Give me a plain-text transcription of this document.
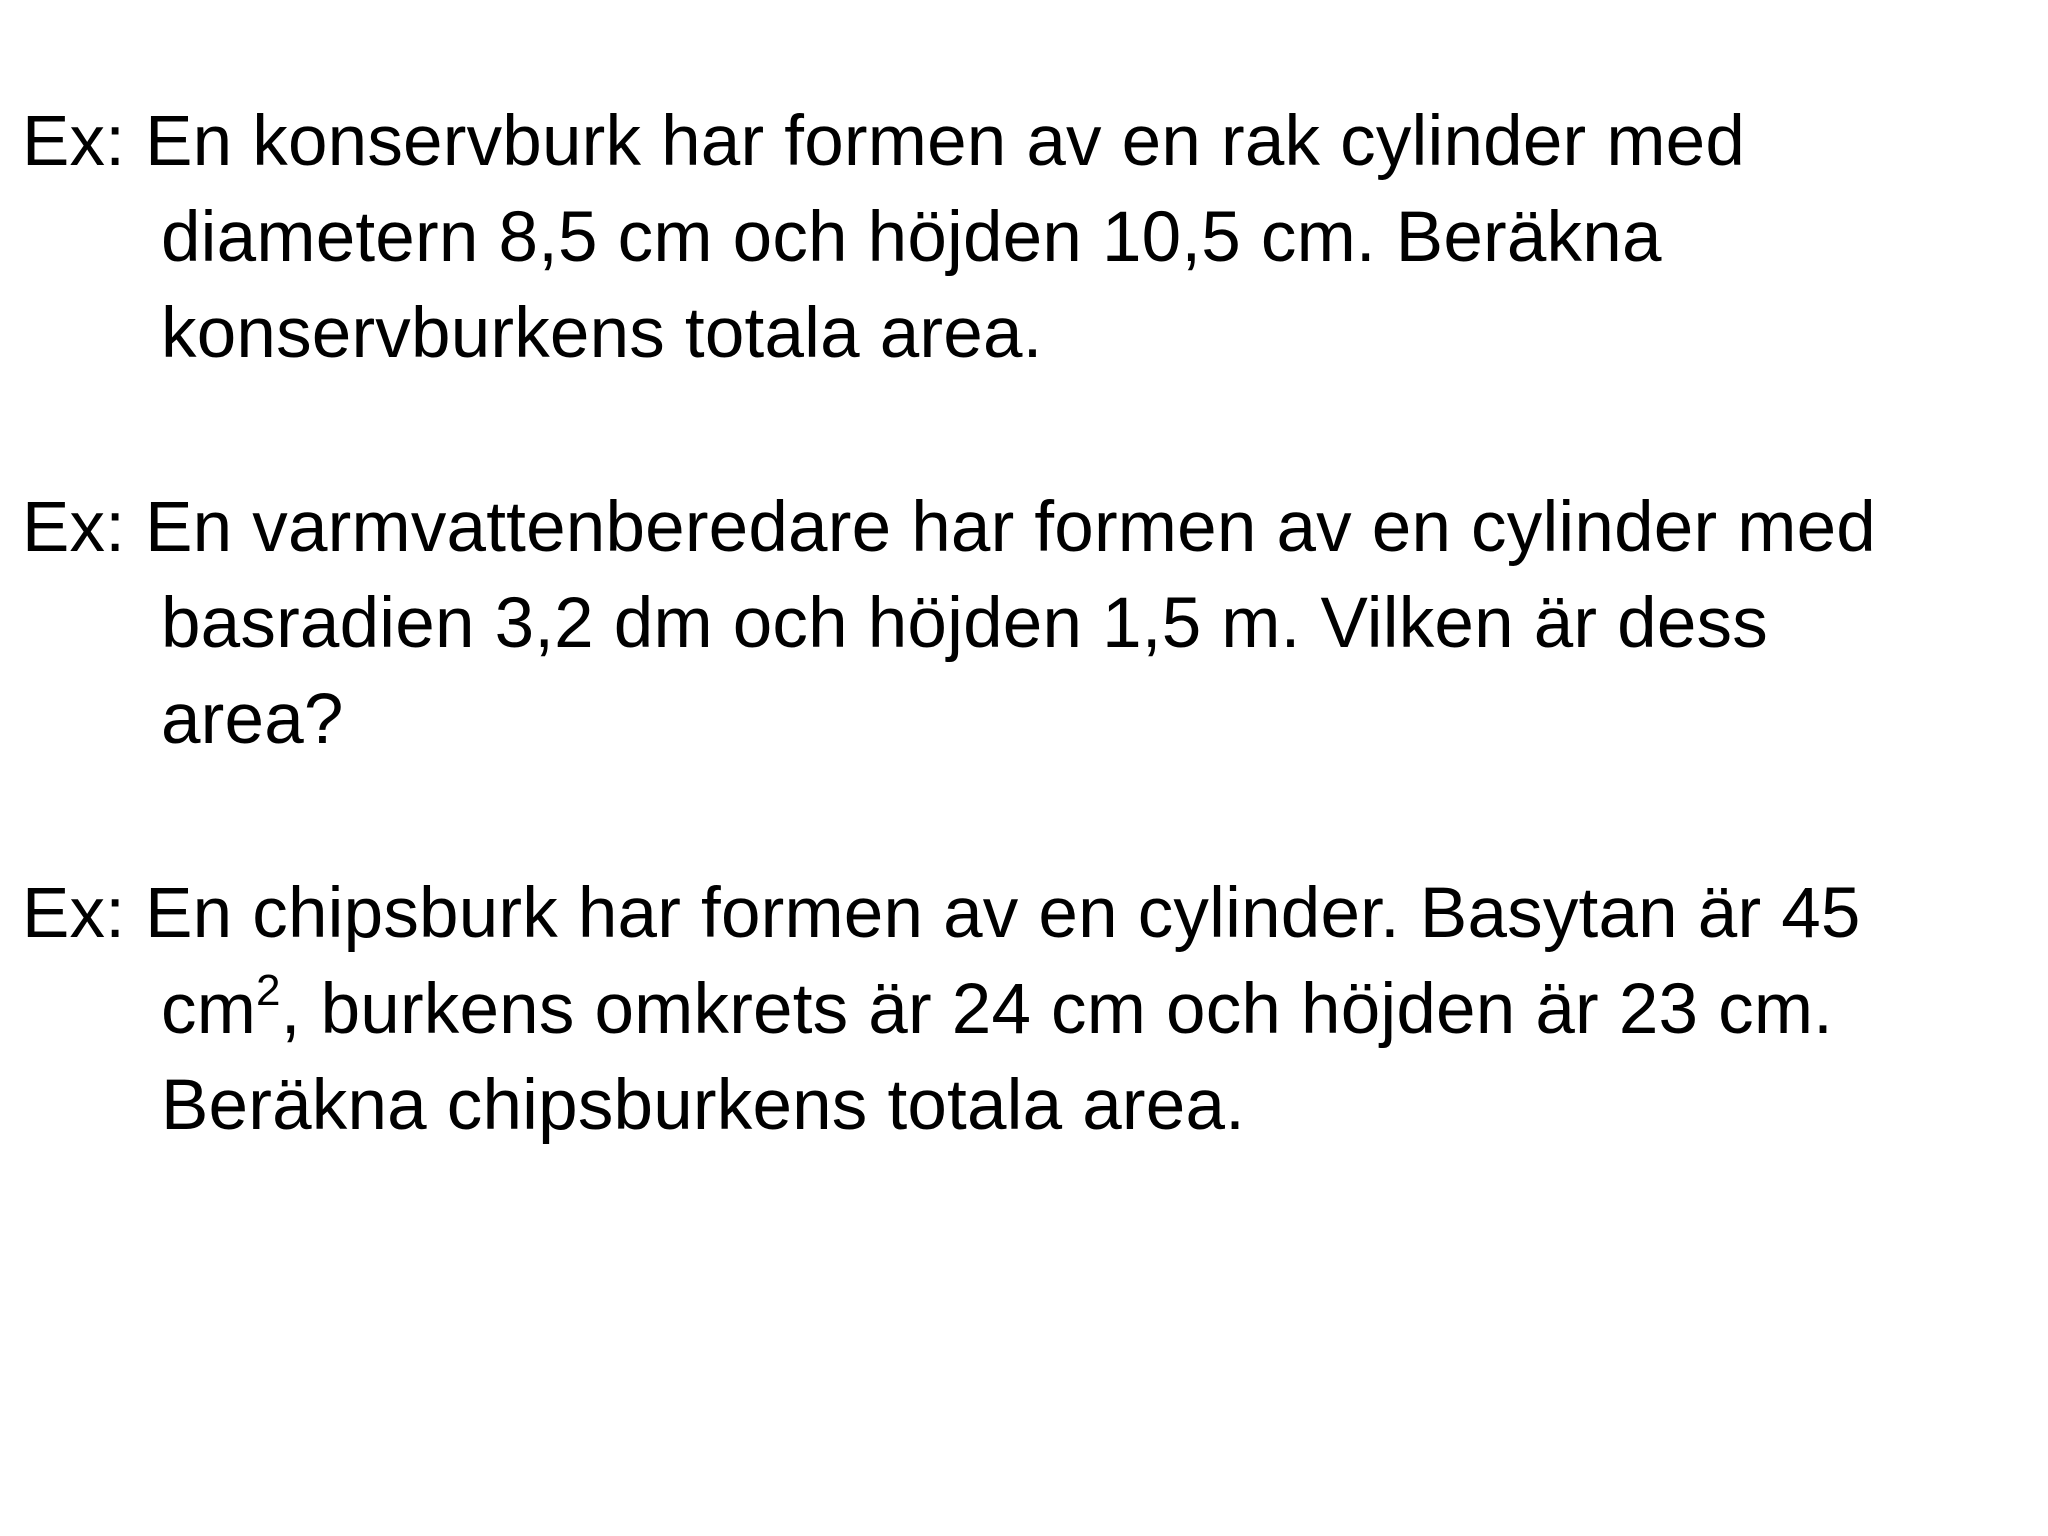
Ex: En konservburk har formen av en rak cylinder med
diametern 8,5 cm och höjden 10,5 cm. Beräkna
konservburkens totala area.
Ex: En varmvattenberedare har formen av en cylinder med
basradien 3,2 dm och höjden 1,5 m. Vilken är dess
area?
Ex: En chipsburk har formen av en cylinder. Basytan är 45
$cm^2$, burkens omkrets är 24 cm och höjden är 23 cm.
Beräkna chipsburkens totala area.
